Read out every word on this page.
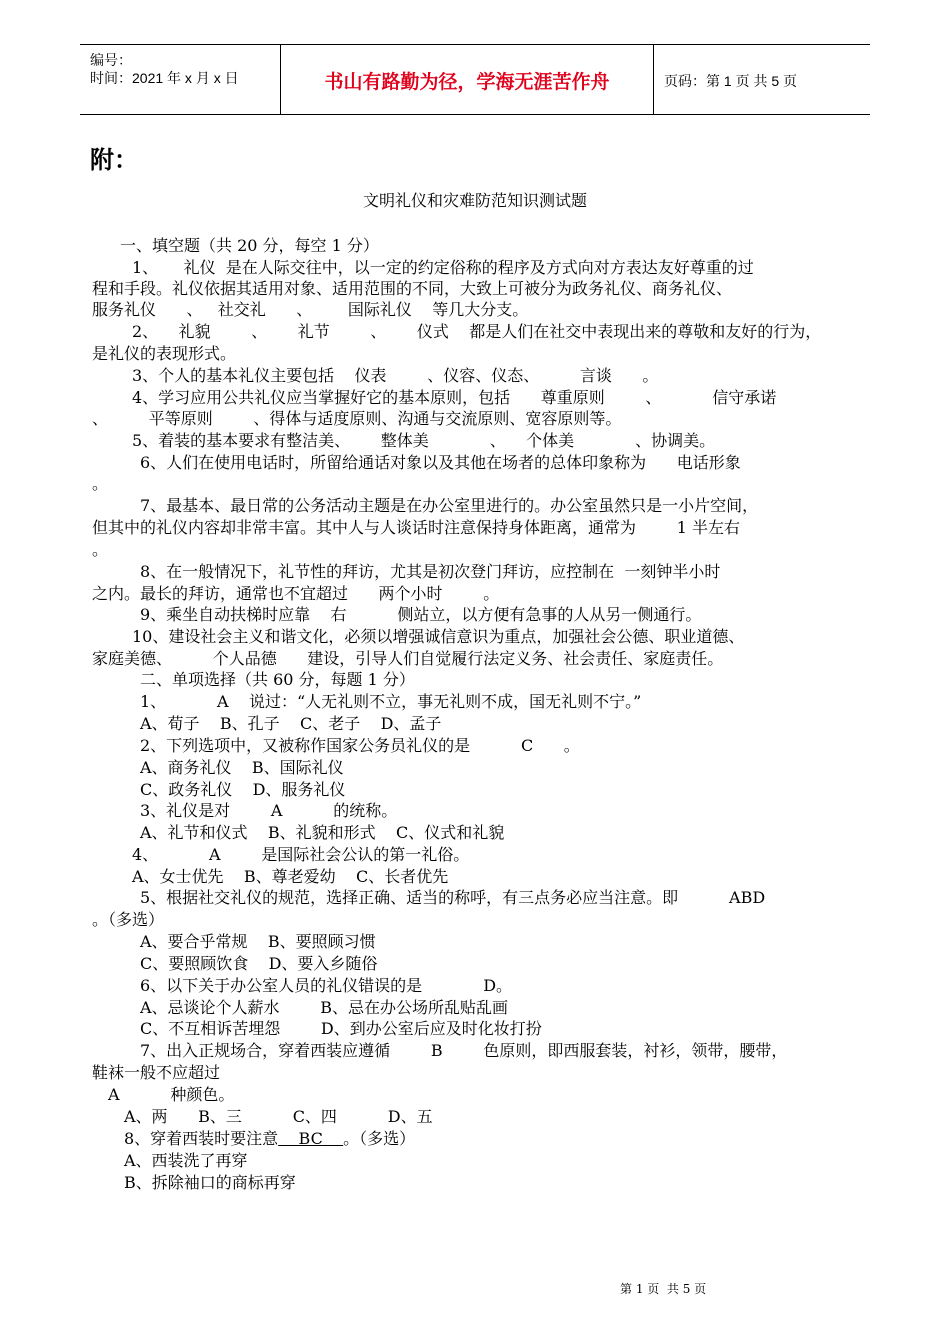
编号：
时间：2021 年 x 月 x 日	书山有路勤为径，学海无涯苦作舟	页码：第 1 页 共 5 页
附：
文明礼仪和灾难防范知识测试题
一、填空题（共 20 分，每空 1 分）
1、     礼仪  是在人际交往中，以一定的约定俗称的程序及方式向对方表达友好尊重的过
程和手段。礼仪依据其适用对象、适用范围的不同，大致上可被分为政务礼仪、商务礼仪、
服务礼仪      、   社交礼      、       国际礼仪    等几大分支。
2、    礼貌        、      礼节        、      仪式    都是人们在社交中表现出来的尊敬和友好的行为，
是礼仪的表现形式。
3、个人的基本礼仪主要包括    仪表        、仪容、仪态、        言谈      。
4、学习应用公共礼仪应当掌握好它的基本原则，包括      尊重原则        、          信守承诺
、        平等原则        、得体与适度原则、沟通与交流原则、宽容原则等。
5、着装的基本要求有整洁美、      整体美            、    个体美            、协调美。
6、人们在使用电话时，所留给通话对象以及其他在场者的总体印象称为      电话形象
。
7、最基本、最日常的公务活动主题是在办公室里进行的。办公室虽然只是一小片空间，
但其中的礼仪内容却非常丰富。其中人与人谈话时注意保持身体距离，通常为        1 半左右
。
8、在一般情况下，礼节性的拜访，尤其是初次登门拜访，应控制在  一刻钟半小时
之内。最长的拜访，通常也不宜超过      两个小时        。
9、乘坐自动扶梯时应靠    右          侧站立，以方便有急事的人从另一侧通行。
10、建设社会主义和谐文化，必须以增强诚信意识为重点，加强社会公德、职业道德、
家庭美德、        个人品德      建设，引导人们自觉履行法定义务、社会责任、家庭责任。
二、单项选择（共 60 分，每题 1 分）
1、          A    说过：“人无礼则不立，事无礼则不成，国无礼则不宁。”
A、荀子    B、孔子    C、老子    D、孟子
2、下列选项中，又被称作国家公务员礼仪的是          C      。
A、商务礼仪    B、国际礼仪
C、政务礼仪    D、服务礼仪
3、礼仪是对        A          的统称。
A、礼节和仪式    B、礼貌和形式    C、仪式和礼貌
4、          A        是国际社会公认的第一礼俗。
A、女士优先    B、尊老爱幼    C、长者优先
5、根据社交礼仪的规范，选择正确、适当的称呼，有三点务必应当注意。即          ABD
。（多选）
A、要合乎常规    B、要照顾习惯
C、要照顾饮食    D、要入乡随俗
6、以下关于办公室人员的礼仪错误的是            D。
A、忌谈论个人薪水        B、忌在办公场所乱贴乱画
C、不互相诉苦埋怨        D、到办公室后应及时化妆打扮
7、出入正规场合，穿着西装应遵循        B        色原则，即西服套装，衬衫，领带，腰带，
鞋袜一般不应超过
A          种颜色。
A、两      B、三          C、四          D、五
8、穿着西装时要注意 BC 。（多选）
A、西装洗了再穿
B、拆除袖口的商标再穿
第 1 页  共 5 页
